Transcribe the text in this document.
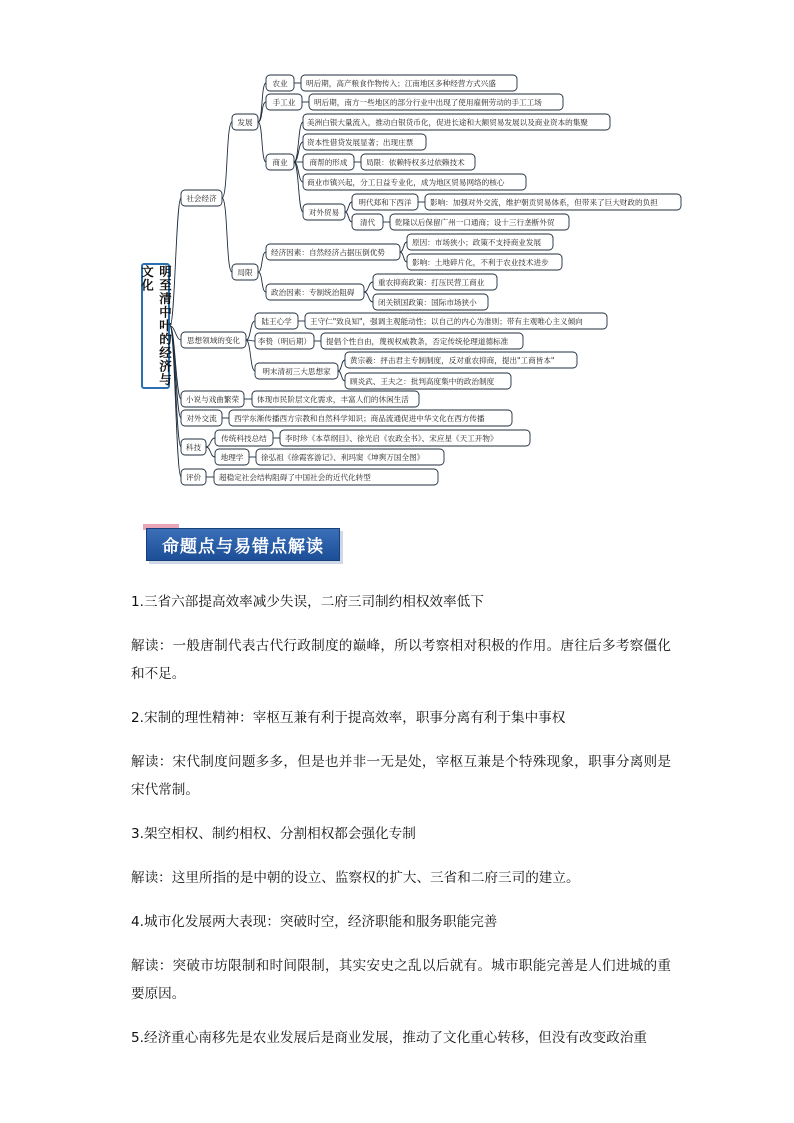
社会经济
思想领域的变化
小说与戏曲繁荣
对外交流
科技
评价
发展
局限
农业 明后期，高产粮食作物传入；江南地区多种经营方式兴盛
手工业 明后期，南方一些地区的部分行业中出现了使用雇佣劳动的手工工场
商业
美洲白银大量流入，推动白银货币化，促进长途和大额贸易发展以及商业资本的集聚
资本性借贷发展显著；出现庄票
商帮的形成 局限：依赖特权多过依赖技术
商业市镇兴起，分工日益专业化，成为地区贸易网络的核心
对外贸易
明代郑和下西洋 影响：加强对外交流，维护朝贡贸易体系，但带来了巨大财政的负担
清代	乾隆以后保留广州一口通商；设十三行垄断外贸
经济因素：自然经济占据压倒优势
原因：市场狭小；政策不支持商业发展
影响：土地碎片化，不利于农业技术进步
政治因素：专制统治阻碍
重农抑商政策：打压民营工商业
闭关锁国政策：国际市场狭小
陆王心学 王守仁"致良知"，强调主观能动性；以自己的内心为准则；带有主观唯心主义倾向
李贽（明后期） 提倡个性自由，蔑视权威教条，否定传统伦理道德标准
明末清初三大思想家
黄宗羲：抨击君主专制制度，反对重农抑商，提出"工商皆本"
顾炎武、王夫之：批判高度集中的政治制度
体现市民阶层文化需求，丰富人们的休闲生活
西学东渐传播西方宗教和自然科学知识；商品流通促进中华文化在西方传播
传统科技总结 李时珍《本草纲目》、徐光启《农政全书》、宋应星《天工开物》
地理学 徐弘祖《徐霞客游记》、利玛窦《坤舆万国全图》
超稳定社会结构阻碍了中国社会的近代化转型
明至清中叶的经济与文化
命题点与易错点解读

1.三省六部提高效率减少失误，二府三司制约相权效率低下

解读：一般唐制代表古代行政制度的巅峰，所以考察相对积极的作用。唐往后多考察僵化和不足。

2.宋制的理性精神：宰枢互兼有利于提高效率，职事分离有利于集中事权

解读：宋代制度问题多多，但是也并非一无是处，宰枢互兼是个特殊现象，职事分离则是宋代常制。

3.架空相权、制约相权、分割相权都会强化专制

解读：这里所指的是中朝的设立、监察权的扩大、三省和二府三司的建立。

4.城市化发展两大表现：突破时空，经济职能和服务职能完善

解读：突破市坊限制和时间限制，其实安史之乱以后就有。城市职能完善是人们进城的重要原因。

5.经济重心南移先是农业发展后是商业发展，推动了文化重心转移，但没有改变政治重
